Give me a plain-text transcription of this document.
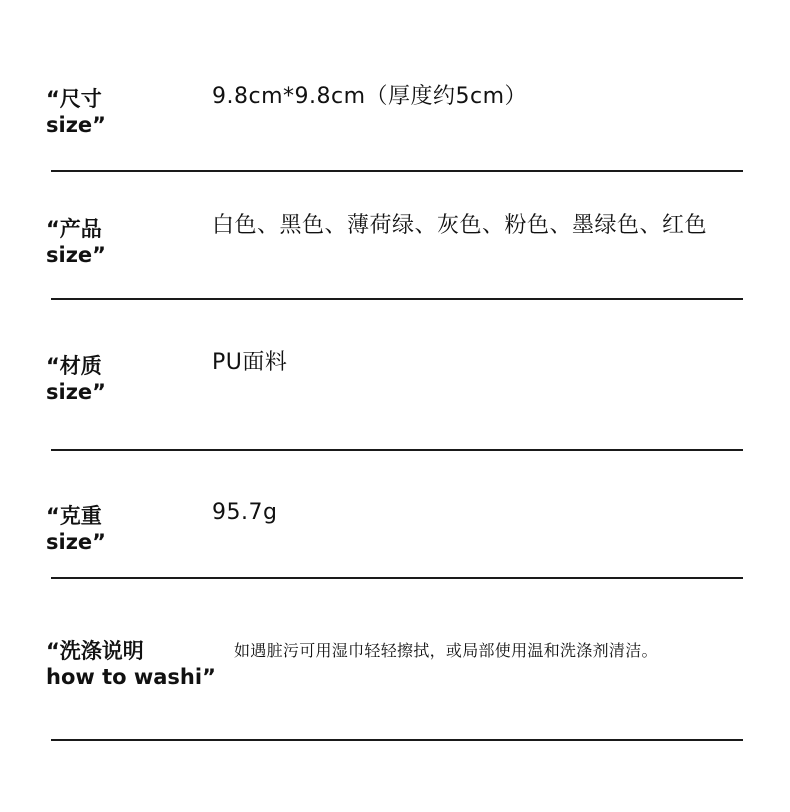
“尺寸
size”
9.8cm*9.8cm（厚度约5cm）
“产品
size”
白色、黑色、薄荷绿、灰色、粉色、墨绿色、红色
“材质
size”
PU面料
“克重
size”
95.7g
“洗涤说明
how to washi”
如遇脏污可用湿巾轻轻擦拭，或局部使用温和洗涤剂清洁。
